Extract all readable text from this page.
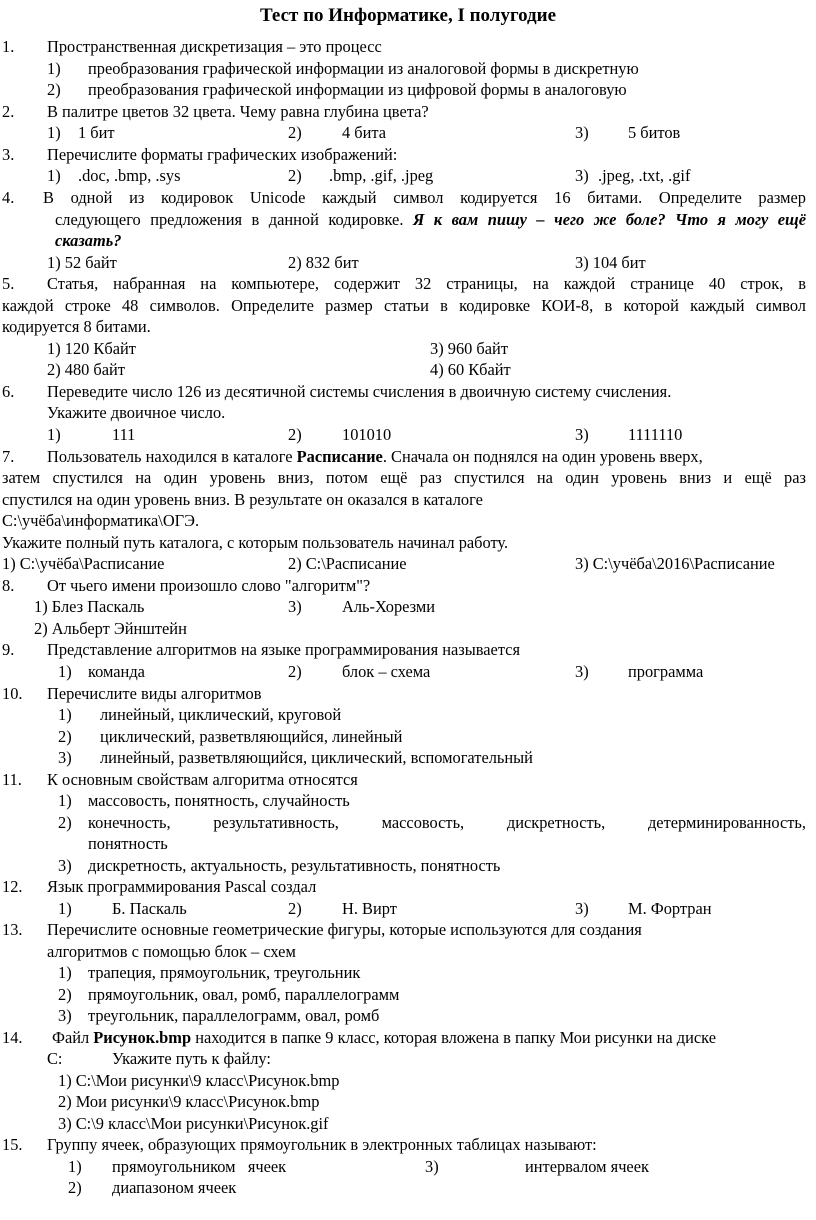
Тест по Информатике, I полугодие
1. Пространственная дискретизация – это процесс
1) преобразования графической информации из аналоговой формы в дискретную
2) преобразования графической информации из цифровой формы в аналоговую
2. В палитре цветов 32 цвета. Чему равна глубина цвета?
1) 1 бит	2) 4 бита	3) 5 битов
3. Перечислите форматы графических изображений:
1) .doc, .bmp, .sys	2) .bmp, .gif, .jpeg	3) .jpeg, .txt, .gif
4. В одной из кодировок Unicode каждый символ кодируется 16 битами. Определите размер
следующего предложения в данной кодировке. Я к вам пишу – чего же боле? Что я могу ещё
сказать?
1) 52 байт	2) 832 бит	3) 104 бит
5. Статья, набранная на компьютере, содержит 32 страницы, на каждой странице 40 строк, в
каждой строке 48 символов. Определите размер статьи в кодировке КОИ-8, в которой каждый символ
кодируется 8 битами.
1) 120 Кбайт	3) 960 байт
2) 480 байт	4) 60 Кбайт
6. Переведите число 126 из десятичной системы счисления в двоичную систему счисления.
Укажите двоичное число.
1)	111	2) 101010	3) 1111110
7. Пользователь находился в каталоге Расписание. Сначала он поднялся на один уровень вверх,
затем спустился на один уровень вниз, потом ещё раз спустился на один уровень вниз и ещё раз
спустился на один уровень вниз. В результате он оказался в каталоге
С:\учёба\информатика\ОГЭ.
Укажите полный путь каталога, с которым пользователь начинал работу.
1) С:\учёба\Расписание	2) С:\Расписание	3) С:\учёба\2016\Расписание
8. От чьего имени произошло слово "алгоритм"?
1) Блез Паскаль	3) Аль-Хорезми
2) Альберт Эйнштейн
9. Представление алгоритмов на языке программирования называется
1) команда	2) блок – схема	3) программа
10. Перечислите виды алгоритмов
1) линейный, циклический, круговой
2) циклический, разветвляющийся, линейный
3) линейный, разветвляющийся, циклический, вспомогательный
11. К основным свойствам алгоритма относятся
1) массовость, понятность, случайность
2) конечность, результативность, массовость, дискретность, детерминированность,
понятность
3) дискретность, актуальность, результативность, понятность
12. Язык программирования Pascal создал
1) Б. Паскаль	2) Н. Вирт	3) М. Фортран
13. Перечислите основные геометрические фигуры, которые используются для создания
алгоритмов с помощью блок – схем
1) трапеция, прямоугольник, треугольник
2) прямоугольник, овал, ромб, параллелограмм
3) треугольник, параллелограмм, овал, ромб
14. Файл Рисунок.bmp находится в папке 9 класс, которая вложена в папку Мои рисунки на диске
С:	Укажите путь к файлу:
1) С:\Мои рисунки\9 класс\Рисунок.bmp
2) Мои рисунки\9 класс\Рисунок.bmp
3) С:\9 класс\Мои рисунки\Рисунок.gif
15. Группу ячеек, образующих прямоугольник в электронных таблицах называют:
1) прямоугольником   ячеек	3)	интервалом ячеек
2) диапазоном ячеек
